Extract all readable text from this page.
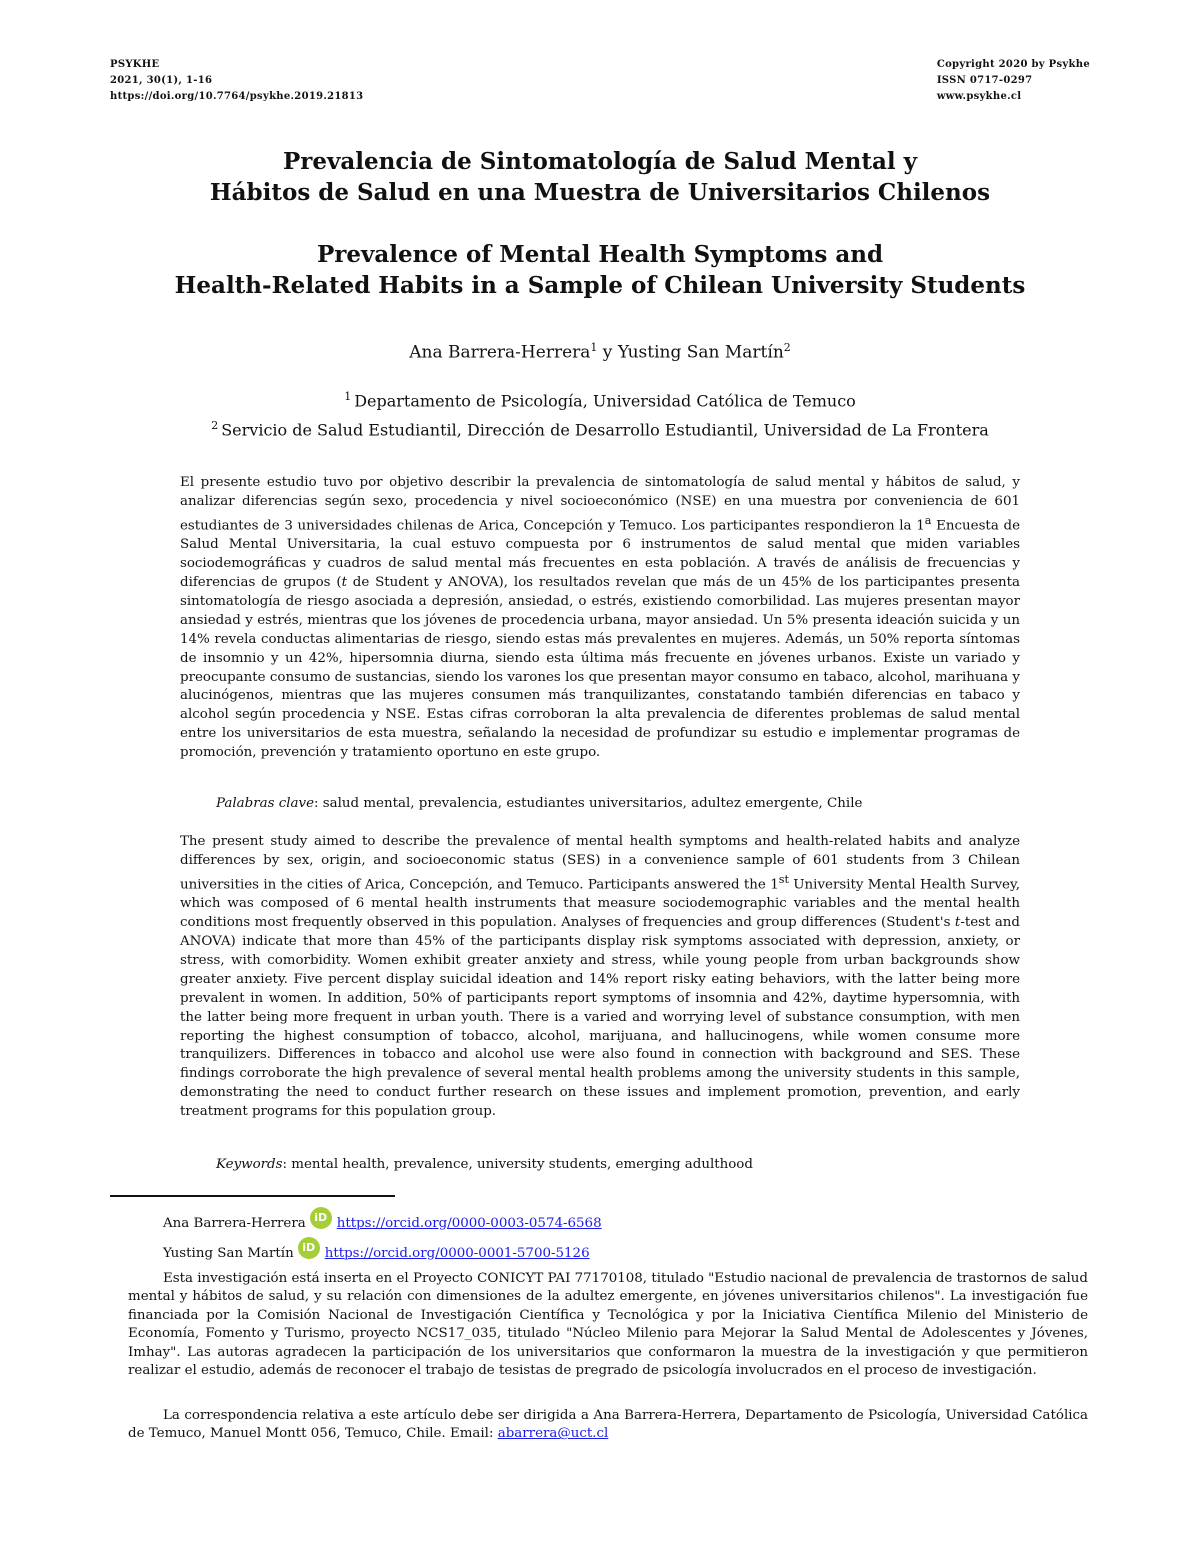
PSYKHE
2021, 30(1), 1-16
https://doi.org/10.7764/psykhe.2019.21813
Copyright 2020 by Psykhe
ISSN 0717-0297
www.psykhe.cl
Prevalencia de Sintomatología de Salud Mental y
Hábitos de Salud en una Muestra de Universitarios Chilenos
Prevalence of Mental Health Symptoms and
Health-Related Habits in a Sample of Chilean University Students
Ana Barrera-Herrera$^1$ y Yusting San Martín$^2$
$^1$ Departamento de Psicología, Universidad Católica de Temuco
$^2$ Servicio de Salud Estudiantil, Dirección de Desarrollo Estudiantil, Universidad de La Frontera

El presente estudio tuvo por objetivo describir la prevalencia de sintomatología de salud mental y hábitos de salud, y analizar diferencias según sexo, procedencia y nivel socioeconómico (NSE) en una muestra por conveniencia de 601 estudiantes de 3 universidades chilenas de Arica, Concepción y Temuco. Los participantes respondieron la 1$^a$ Encuesta de Salud Mental Universitaria, la cual estuvo compuesta por 6 instrumentos de salud mental que miden variables sociodemográficas y cuadros de salud mental más frecuentes en esta población. A través de análisis de frecuencias y diferencias de grupos (t de Student y ANOVA), los resultados revelan que más de un 45% de los participantes presenta sintomatología de riesgo asociada a depresión, ansiedad, o estrés, existiendo comorbilidad. Las mujeres presentan mayor ansiedad y estrés, mientras que los jóvenes de procedencia urbana, mayor ansiedad. Un 5% presenta ideación suicida y un 14% revela conductas alimentarias de riesgo, siendo estas más prevalentes en mujeres. Además, un 50% reporta síntomas de insomnio y un 42%, hipersomnia diurna, siendo esta última más frecuente en jóvenes urbanos. Existe un variado y preocupante consumo de sustancias, siendo los varones los que presentan mayor consumo en tabaco, alcohol, marihuana y alucinógenos, mientras que las mujeres consumen más tranquilizantes, constatando también diferencias en tabaco y alcohol según procedencia y NSE. Estas cifras corroboran la alta prevalencia de diferentes problemas de salud mental entre los universitarios de esta muestra, señalando la necesidad de profundizar su estudio e implementar programas de promoción, prevención y tratamiento oportuno en este grupo.

Palabras clave: salud mental, prevalencia, estudiantes universitarios, adultez emergente, Chile

The present study aimed to describe the prevalence of mental health symptoms and health-related habits and analyze differences by sex, origin, and socioeconomic status (SES) in a convenience sample of 601 students from 3 Chilean universities in the cities of Arica, Concepción, and Temuco. Participants answered the 1st University Mental Health Survey, which was composed of 6 mental health instruments that measure sociodemographic variables and the mental health conditions most frequently observed in this population. Analyses of frequencies and group differences (Student's t-test and ANOVA) indicate that more than 45% of the participants display risk symptoms associated with depression, anxiety, or stress, with comorbidity. Women exhibit greater anxiety and stress, while young people from urban backgrounds show greater anxiety. Five percent display suicidal ideation and 14% report risky eating behaviors, with the latter being more prevalent in women. In addition, 50% of participants report symptoms of insomnia and 42%, daytime hypersomnia, with the latter being more frequent in urban youth. There is a varied and worrying level of substance consumption, with men reporting the highest consumption of tobacco, alcohol, marijuana, and hallucinogens, while women consume more tranquilizers. Differences in tobacco and alcohol use were also found in connection with background and SES. These findings corroborate the high prevalence of several mental health problems among the university students in this sample, demonstrating the need to conduct further research on these issues and implement promotion, prevention, and early treatment programs for this population group.

Keywords: mental health, prevalence, university students, emerging adulthood
Ana Barrera-Herrera iD https://orcid.org/0000-0003-0574-6568
Yusting San Martín iD https://orcid.org/0000-0001-5700-5126

Esta investigación está inserta en el Proyecto CONICYT PAI 77170108, titulado "Estudio nacional de prevalencia de trastornos de salud mental y hábitos de salud, y su relación con dimensiones de la adultez emergente, en jóvenes universitarios chilenos". La investigación fue financiada por la Comisión Nacional de Investigación Científica y Tecnológica y por la Iniciativa Científica Milenio del Ministerio de Economía, Fomento y Turismo, proyecto NCS17_035, titulado "Núcleo Milenio para Mejorar la Salud Mental de Adolescentes y Jóvenes, Imhay". Las autoras agradecen la participación de los universitarios que conformaron la muestra de la investigación y que permitieron realizar el estudio, además de reconocer el trabajo de tesistas de pregrado de psicología involucrados en el proceso de investigación.

La correspondencia relativa a este artículo debe ser dirigida a Ana Barrera-Herrera, Departamento de Psicología, Universidad Católica de Temuco, Manuel Montt 056, Temuco, Chile. Email: abarrera@uct.cl
